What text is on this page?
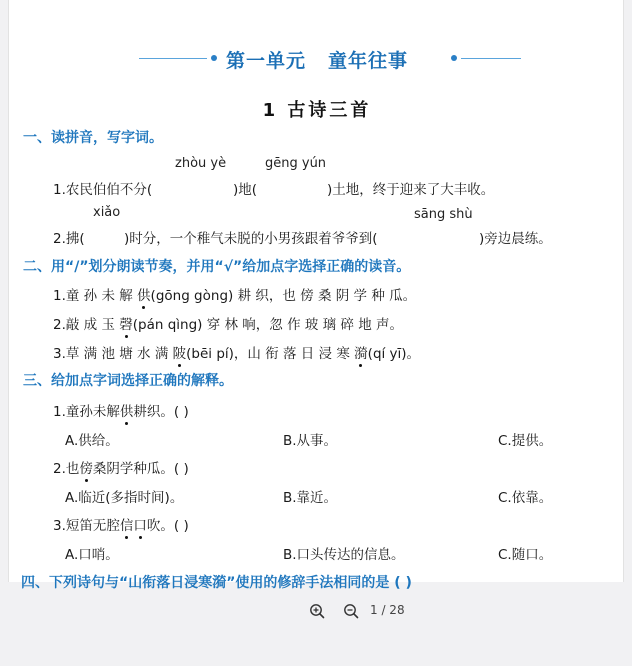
第一单元 童年往事
1 古诗三首
一、读拼音，写字词。
zhòu yè	gēng yún
1.农民伯伯不分(	)地(	)土地，终于迎来了大丰收。
xiǎo	sāng shù
2.拂(	)时分，一个稚气未脱的小男孩跟着爷爷到(	)旁边晨练。
二、用“/”划分朗读节奏，并用“√”给加点字选择正确的读音。
1.童 孙 未 解 供(gōng gòng) 耕 织，也 傍 桑 阴 学 种 瓜。
2.敲 成 玉 磬(pán qìng) 穿 林 响，忽 作 玻 璃 碎 地 声。
3.草 满 池 塘 水 满 陂(bēi pí)，山 衔 落 日 浸 寒 漪(qí yī)。
三、给加点字词选择正确的解释。
1.童孙未解供耕织。( )
A.供给。	B.从事。	C.提供。
2.也傍桑阴学种瓜。( )
A.临近(多指时间)。	B.靠近。	C.依靠。
3.短笛无腔信口吹。( )
A.口哨。	B.口头传达的信息。	C.随口。
四、下列诗句与“山衔落日浸寒漪”使用的修辞手法相同的是 ( )
1 / 28
